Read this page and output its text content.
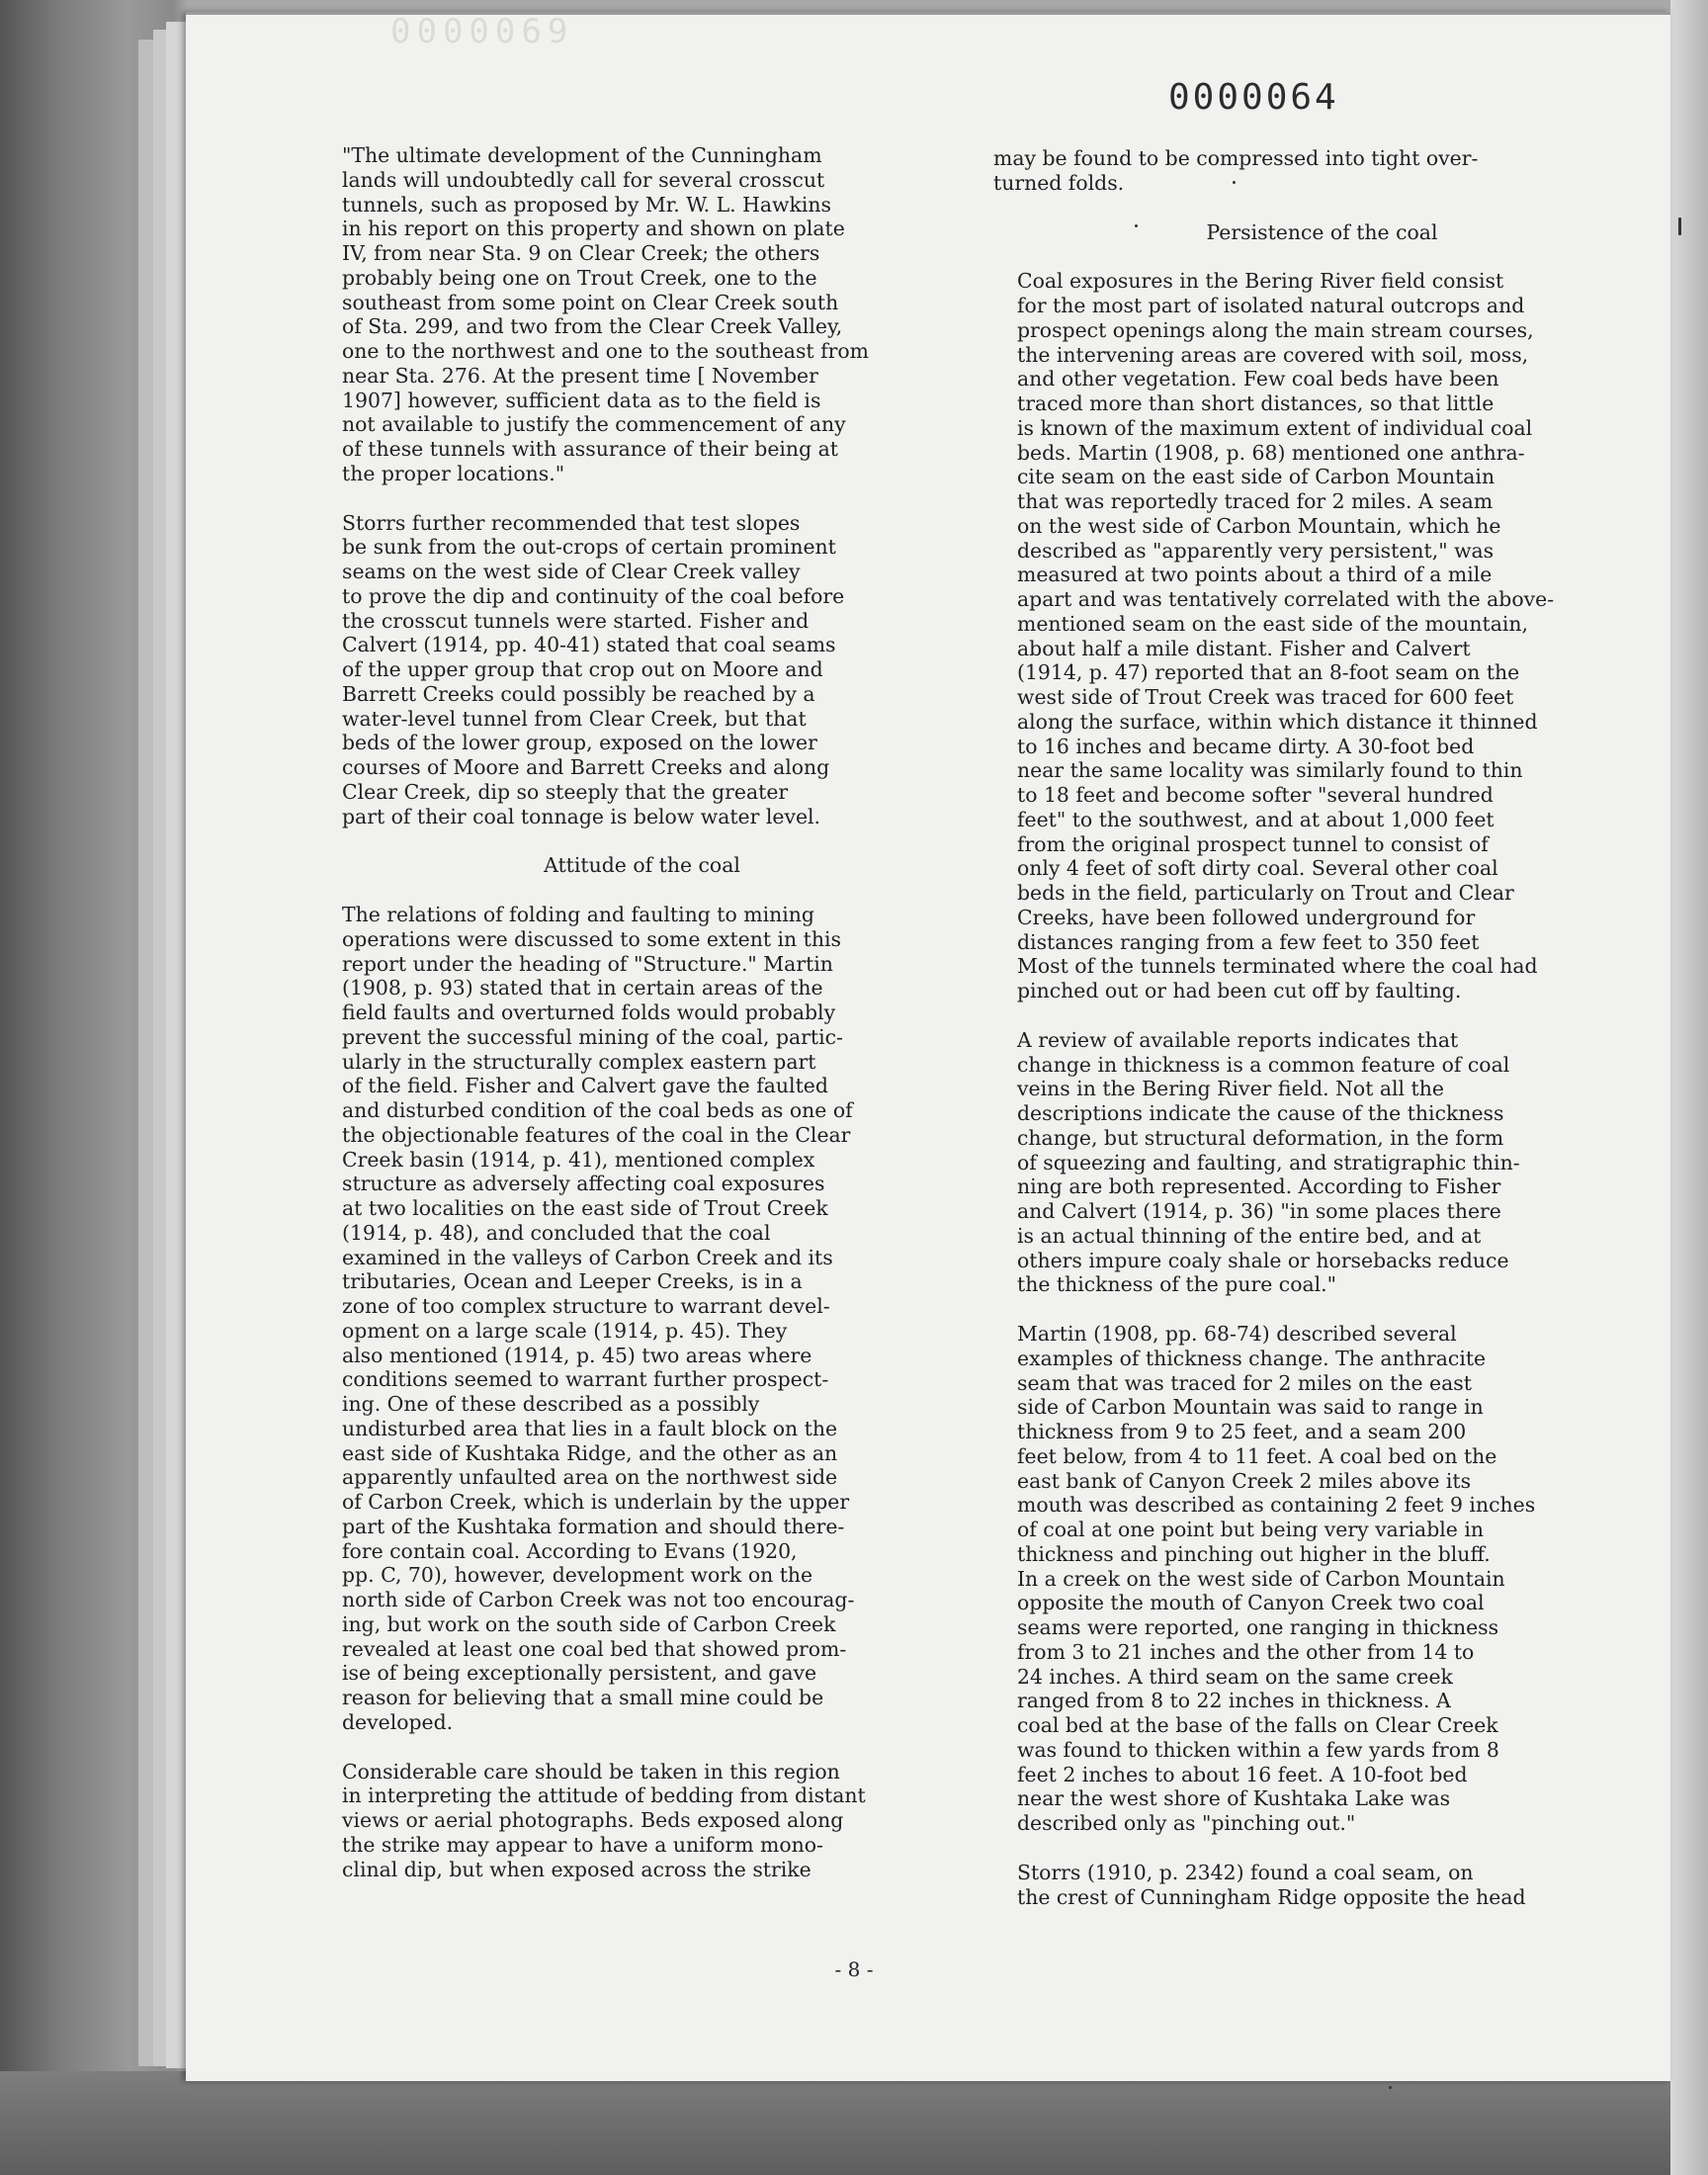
0000069
0000064

"The ultimate development of the Cunningham
lands will undoubtedly call for several crosscut
tunnels, such as proposed by Mr. W. L. Hawkins
in his report on this property and shown on plate
IV, from near Sta. 9 on Clear Creek; the others
probably being one on Trout Creek, one to the
southeast from some point on Clear Creek south
of Sta. 299, and two from the Clear Creek Valley,
one to the northwest and one to the southeast from
near Sta. 276. At the present time [ November
1907] however, sufficient data as to the field is
not available to justify the commencement of any
of these tunnels with assurance of their being at
the proper locations."

Storrs further recommended that test slopes
be sunk from the out-crops of certain prominent
seams on the west side of Clear Creek valley
to prove the dip and continuity of the coal before
the crosscut tunnels were started. Fisher and
Calvert (1914, pp. 40-41) stated that coal seams
of the upper group that crop out on Moore and
Barrett Creeks could possibly be reached by a
water-level tunnel from Clear Creek, but that
beds of the lower group, exposed on the lower
courses of Moore and Barrett Creeks and along
Clear Creek, dip so steeply that the greater
part of their coal tonnage is below water level.

Attitude of the coal

The relations of folding and faulting to mining
operations were discussed to some extent in this
report under the heading of "Structure." Martin
(1908, p. 93) stated that in certain areas of the
field faults and overturned folds would probably
prevent the successful mining of the coal, partic-
ularly in the structurally complex eastern part
of the field. Fisher and Calvert gave the faulted
and disturbed condition of the coal beds as one of
the objectionable features of the coal in the Clear
Creek basin (1914, p. 41), mentioned complex
structure as adversely affecting coal exposures
at two localities on the east side of Trout Creek
(1914, p. 48), and concluded that the coal
examined in the valleys of Carbon Creek and its
tributaries, Ocean and Leeper Creeks, is in a
zone of too complex structure to warrant devel-
opment on a large scale (1914, p. 45). They
also mentioned (1914, p. 45) two areas where
conditions seemed to warrant further prospect-
ing. One of these described as a possibly
undisturbed area that lies in a fault block on the
east side of Kushtaka Ridge, and the other as an
apparently unfaulted area on the northwest side
of Carbon Creek, which is underlain by the upper
part of the Kushtaka formation and should there-
fore contain coal. According to Evans (1920,
pp. C, 70), however, development work on the
north side of Carbon Creek was not too encourag-
ing, but work on the south side of Carbon Creek
revealed at least one coal bed that showed prom-
ise of being exceptionally persistent, and gave
reason for believing that a small mine could be
developed.

Considerable care should be taken in this region
in interpreting the attitude of bedding from distant
views or aerial photographs. Beds exposed along
the strike may appear to have a uniform mono-
clinal dip, but when exposed across the strike

may be found to be compressed into tight over-
turned folds.

Persistence of the coal

Coal exposures in the Bering River field consist
for the most part of isolated natural outcrops and
prospect openings along the main stream courses,
the intervening areas are covered with soil, moss,
and other vegetation. Few coal beds have been
traced more than short distances, so that little
is known of the maximum extent of individual coal
beds. Martin (1908, p. 68) mentioned one anthra-
cite seam on the east side of Carbon Mountain
that was reportedly traced for 2 miles. A seam
on the west side of Carbon Mountain, which he
described as "apparently very persistent," was
measured at two points about a third of a mile
apart and was tentatively correlated with the above-
mentioned seam on the east side of the mountain,
about half a mile distant. Fisher and Calvert
(1914, p. 47) reported that an 8-foot seam on the
west side of Trout Creek was traced for 600 feet
along the surface, within which distance it thinned
to 16 inches and became dirty. A 30-foot bed
near the same locality was similarly found to thin
to 18 feet and become softer "several hundred
feet" to the southwest, and at about 1,000 feet
from the original prospect tunnel to consist of
only 4 feet of soft dirty coal. Several other coal
beds in the field, particularly on Trout and Clear
Creeks, have been followed underground for
distances ranging from a few feet to 350 feet
Most of the tunnels terminated where the coal had
pinched out or had been cut off by faulting.

A review of available reports indicates that
change in thickness is a common feature of coal
veins in the Bering River field. Not all the
descriptions indicate the cause of the thickness
change, but structural deformation, in the form
of squeezing and faulting, and stratigraphic thin-
ning are both represented. According to Fisher
and Calvert (1914, p. 36) "in some places there
is an actual thinning of the entire bed, and at
others impure coaly shale or horsebacks reduce
the thickness of the pure coal."

Martin (1908, pp. 68-74) described several
examples of thickness change. The anthracite
seam that was traced for 2 miles on the east
side of Carbon Mountain was said to range in
thickness from 9 to 25 feet, and a seam 200
feet below, from 4 to 11 feet. A coal bed on the
east bank of Canyon Creek 2 miles above its
mouth was described as containing 2 feet 9 inches
of coal at one point but being very variable in
thickness and pinching out higher in the bluff.
In a creek on the west side of Carbon Mountain
opposite the mouth of Canyon Creek two coal
seams were reported, one ranging in thickness
from 3 to 21 inches and the other from 14 to
24 inches. A third seam on the same creek
ranged from 8 to 22 inches in thickness. A
coal bed at the base of the falls on Clear Creek
was found to thicken within a few yards from 8
feet 2 inches to about 16 feet. A 10-foot bed
near the west shore of Kushtaka Lake was
described only as "pinching out."

Storrs (1910, p. 2342) found a coal seam, on
the crest of Cunningham Ridge opposite the head

- 8 -
